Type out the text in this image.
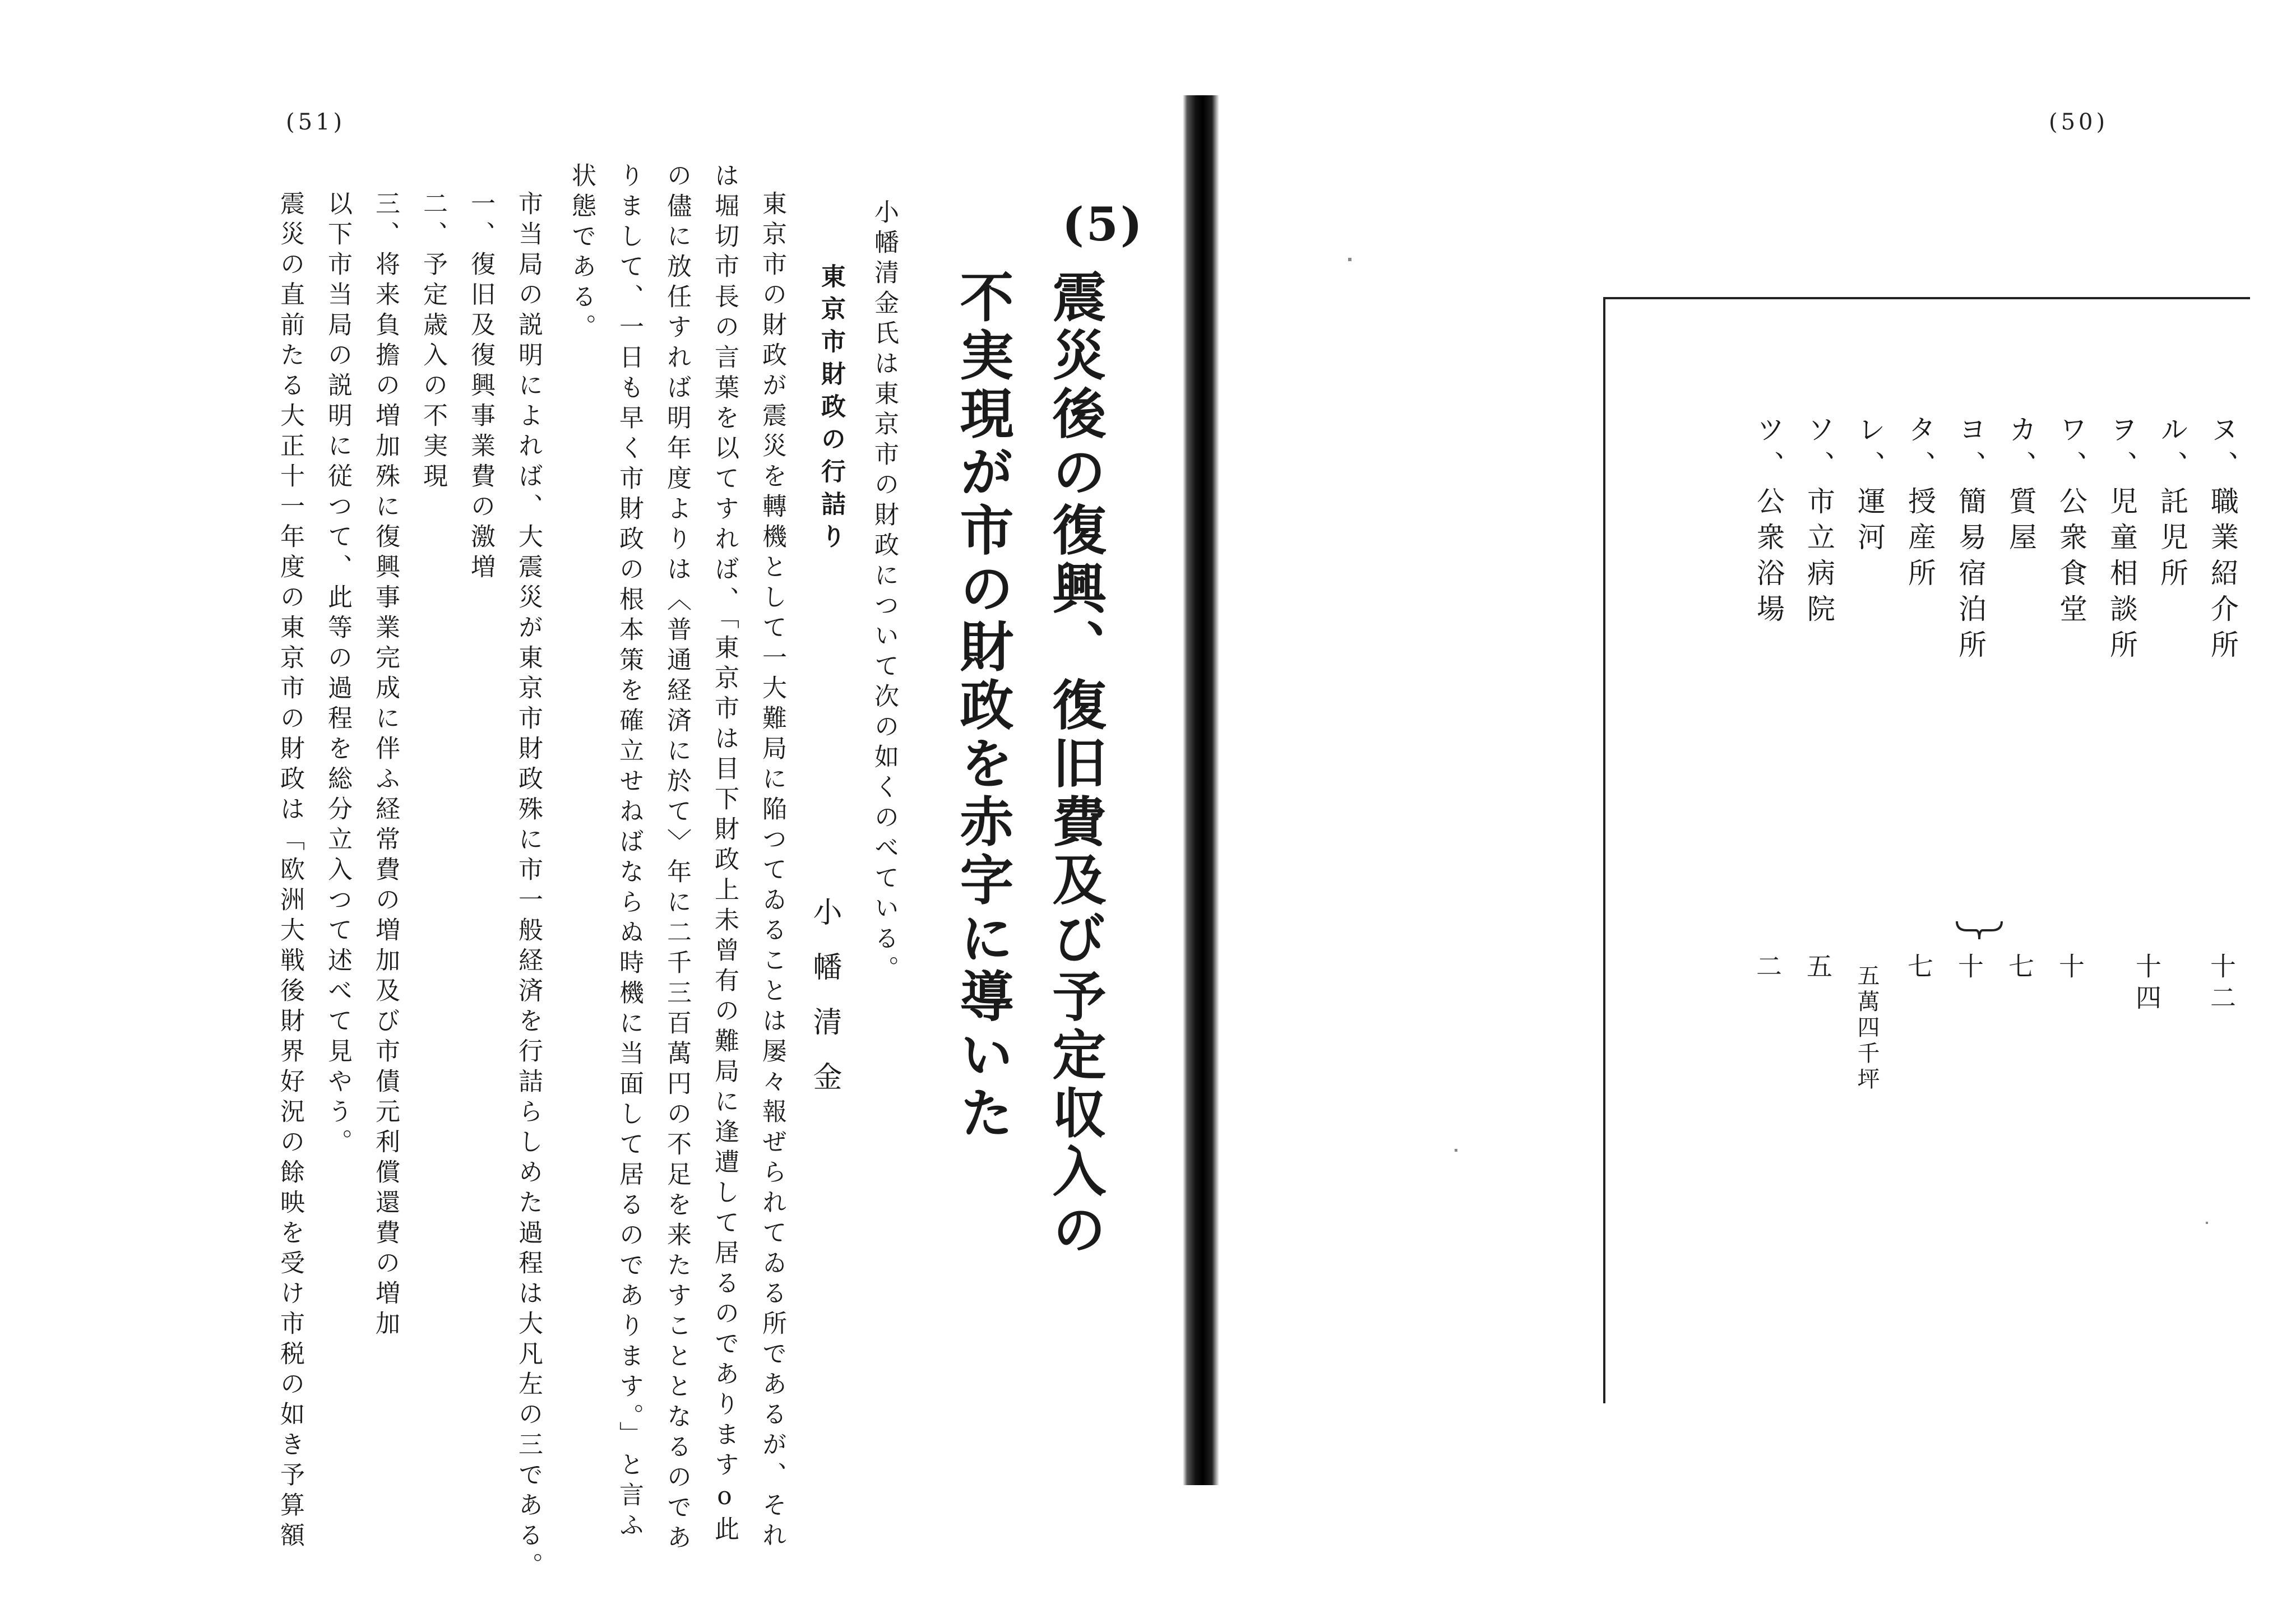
(51)
(5)
震災後の復興、復旧費及び予定収入の
不実現が市の財政を赤字に導いた
小幡清金
小幡清金氏は東京市の財政について次の如くのべている。
東京市財政の行詰り
東京市の財政が震災を轉機として一大難局に陥つてゐることは屡々報ぜられてゐる所であるが、それ
は堀切市長の言葉を以てすれば、「東京市は目下財政上未曾有の難局に逢遭して居るのでありますo此
の儘に放任すれば明年度よりは〈普通経済に於て〉年に二千三百萬円の不足を来たすこととなるのであ
りまして、一日も早く市財政の根本策を確立せねばならぬ時機に当面して居るのであります。」と言ふ
状態である。
市当局の説明によれば、大震災が東京市財政殊に市一般経済を行詰らしめた過程は大凡左の三である。
一、復旧及復興事業費の激増
二、予定歳入の不実現
三、将来負擔の増加殊に復興事業完成に伴ふ経常費の増加及び市債元利償還費の増加
以下市当局の説明に従つて、此等の過程を総分立入つて述べて見やう。
震災の直前たる大正十一年度の東京市の財政は「欧洲大戦後財界好況の餘映を受け市税の如き予算額
(50)
ヌ、職業紹介所
ル、託児所
ヲ、児童相談所
ワ、公衆食堂
カ、質屋
ヨ、簡易宿泊所
タ、授産所
レ、運河
ソ、市立病院
ツ、公衆浴場
十二
十四
十
七
十
七
五萬四千坪
五
二
